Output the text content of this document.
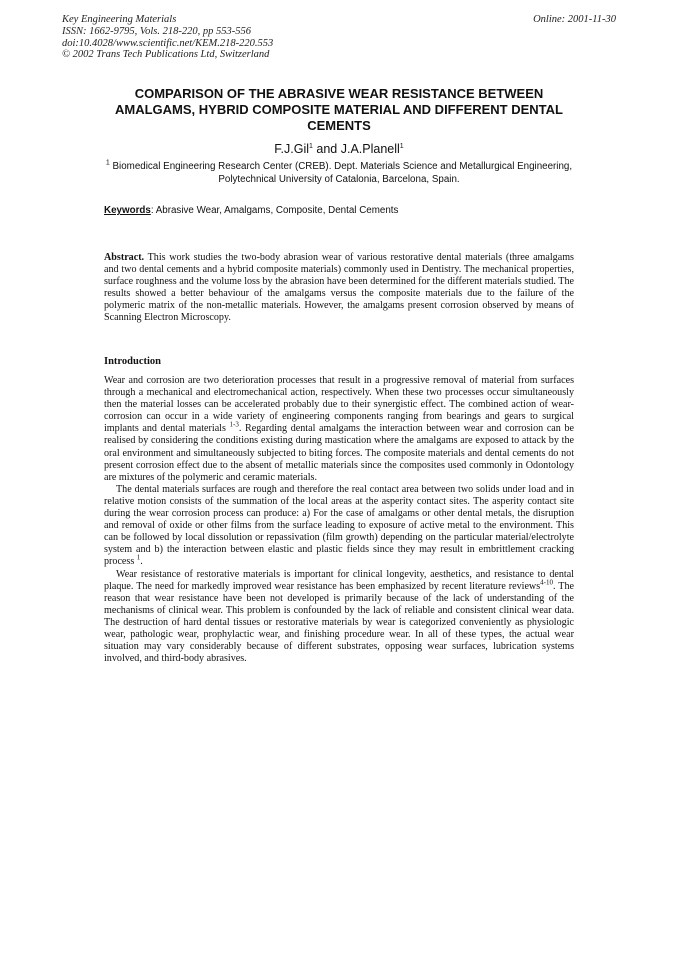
Key Engineering Materials
ISSN: 1662-9795, Vols. 218-220, pp 553-556
doi:10.4028/www.scientific.net/KEM.218-220.553
© 2002 Trans Tech Publications Ltd, Switzerland
Online: 2001-11-30
COMPARISON OF THE ABRASIVE WEAR RESISTANCE BETWEEN AMALGAMS, HYBRID COMPOSITE MATERIAL AND DIFFERENT DENTAL CEMENTS
F.J.Gil$^1$ and J.A.Planell$^1$
$^1$ Biomedical Engineering Research Center (CREB). Dept. Materials Science and Metallurgical Engineering, Polytechnical University of Catalonia, Barcelona, Spain.
Keywords: Abrasive Wear, Amalgams, Composite, Dental Cements
Abstract. This work studies the two-body abrasion wear of various restorative dental materials (three amalgams and two dental cements and a hybrid composite materials) commonly used in Dentistry. The mechanical properties, surface roughness and the volume loss by the abrasion have been determined for the different materials studied. The results showed a better behaviour of the amalgams versus the composite materials due to the failure of the polymeric matrix of the non-metallic materials. However, the amalgams present corrosion observed by means of Scanning Electron Microscopy.
Introduction

Wear and corrosion are two deterioration processes that result in a progressive removal of material from surfaces through a mechanical and electromechanical action, respectively. When these two processes occur simultaneously then the material losses can be accelerated probably due to their synergistic effect. The combined action of wear-corrosion can occur in a wide variety of engineering components ranging from bearings and gears to surgical implants and dental materials $^{1-3}$. Regarding dental amalgams the interaction between wear and corrosion can be realised by considering the conditions existing during mastication where the amalgams are exposed to attack by the oral environment and simultaneously subjected to biting forces. The composite materials and dental cements do not present corrosion effect due to the absent of metallic materials since the composites used commonly in Odontology are mixtures of the polymeric and ceramic materials.

The dental materials surfaces are rough and therefore the real contact area between two solids under load and in relative motion consists of the summation of the local areas at the asperity contact sites. The asperity contact site during the wear corrosion process can produce: a) For the case of amalgams or other dental metals, the disruption and removal of oxide or other films from the surface leading to exposure of active metal to the environment. This can be followed by local dissolution or repassivation (film growth) depending on the particular material/electrolyte system and b) the interaction between elastic and plastic fields since they may result in embrittlement cracking process $^1$.

Wear resistance of restorative materials is important for clinical longevity, aesthetics, and resistance to dental plaque. The need for markedly improved wear resistance has been emphasized by recent literature reviews$^{4-10}$. The reason that wear resistance have been not developed is primarily because of the lack of understanding of the mechanisms of clinical wear. This problem is confounded by the lack of reliable and consistent clinical wear data. The destruction of hard dental tissues or restorative materials by wear is categorized conveniently as physiologic wear, pathologic wear, prophylactic wear, and finishing procedure wear. In all of these types, the actual wear situation may vary considerably because of different substrates, opposing wear surfaces, lubrication systems involved, and third-body abrasives.
